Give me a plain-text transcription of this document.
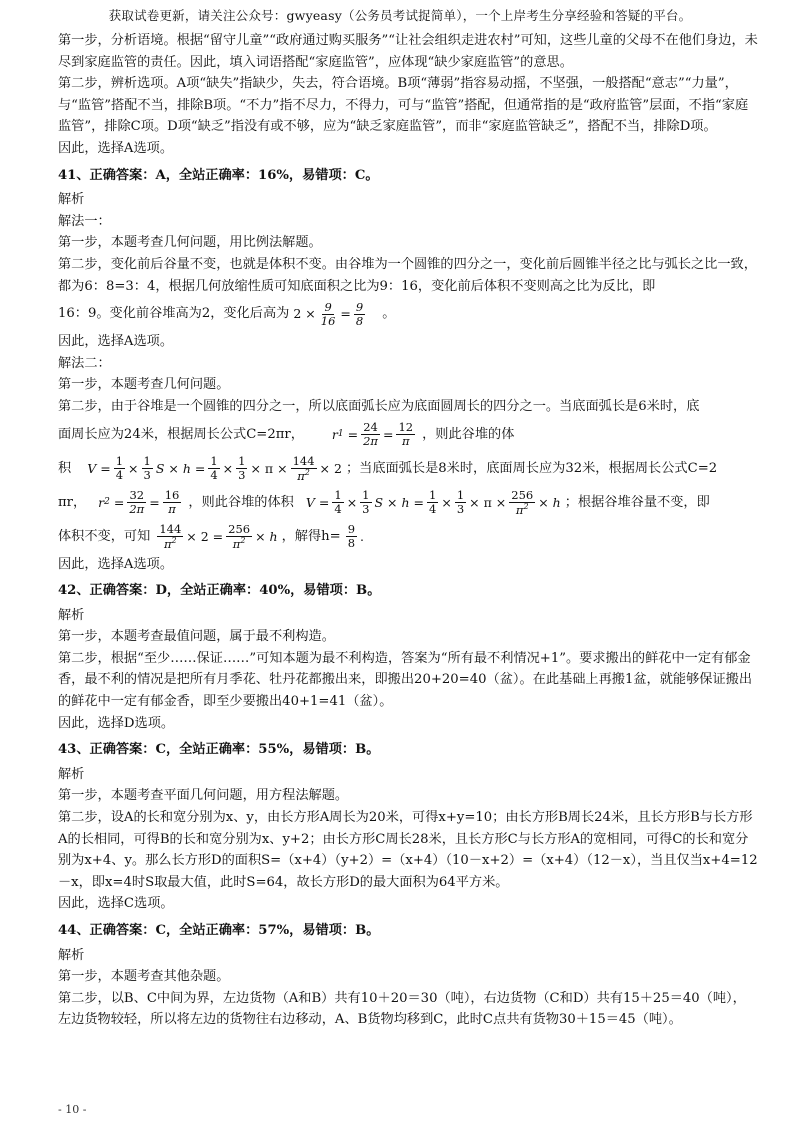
获取试卷更新，请关注公众号：gwyeasy（公务员考试捉简单），一个上岸考生分享经验和答疑的平台。

第一步，分析语境。根据“留守儿童”“政府通过购买服务”“让社会组织走进农村”可知，这些儿童的父母不在他们身边，未尽到家庭监管的责任。因此，填入词语搭配“家庭监管”，应体现“缺少家庭监管”的意思。

第二步，辨析选项。A项“缺失”指缺少，失去，符合语境。B项“薄弱”指容易动摇，不坚强，一般搭配“意志”“力量”，与“监管”搭配不当，排除B项。“不力”指不尽力，不得力，可与“监管”搭配，但通常指的是“政府监管”层面，不指“家庭监管”，排除C项。D项“缺乏”指没有或不够，应为“缺乏家庭监管”，而非“家庭监管缺乏”，搭配不当，排除D项。

因此，选择A选项。

41、正确答案：A，全站正确率：16%，易错项：C。

解析

解法一：

第一步，本题考查几何问题，用比例法解题。

第二步，变化前后谷量不变，也就是体积不变。由谷堆为一个圆锥的四分之一，变化前后圆锥半径之比与弧长之比一致，都为6：8=3：4，根据几何放缩性质可知底面积之比为9：16，变化前后体积不变则高之比为反比，即

16：9。变化前谷堆高为2，变化后高为 $2 \times \frac{9}{16} = \frac{9}{8}$ 。

因此，选择A选项。

解法二：

第一步，本题考查几何问题。

第二步，由于谷堆是一个圆锥的四分之一，所以底面弧长应为底面圆周长的四分之一。当底面弧长是6米时，底

面周长应为24米，根据周长公式C=2πr， r 1
= $\frac{24}{2\pi} = \frac{12}{\pi}$ ，则此谷堆的体

积 $V = \frac{1}{4} \times \frac{1}{3}$ $S \times h = \frac{1}{4} \times \frac{1}{3} \times \pi \times \frac{144}{\pi^2} \times 2$ ；当底面弧长是8米时，底面周长应为32米，根据周长公式C=2

πr， r 2
= $\frac{32}{2\pi} = \frac{16}{\pi}$ ，则此谷堆的体积 $V = \frac{1}{4} \times \frac{1}{3}$ $S \times h = \frac{1}{4} \times \frac{1}{3} \times \pi \times \frac{256}{\pi^2} \times h$ ；根据谷堆谷量不变，即

体积不变，可知 $\frac{144}{\pi^2} \times 2 = \frac{256}{\pi^2} \times h$ ，解得$h= \frac{9}{8}$ .

因此，选择A选项。

42、正确答案：D，全站正确率：40%，易错项：B。

解析

第一步，本题考查最值问题，属于最不利构造。

第二步，根据“至少……保证……”可知本题为最不利构造，答案为“所有最不利情况+1”。要求搬出的鲜花中一定有郁金香，最不利的情况是把所有月季花、牡丹花都搬出来，即搬出20+20=40（盆）。在此基础上再搬1盆，就能够保证搬出的鲜花中一定有郁金香，即至少要搬出40+1=41（盆）。

因此，选择D选项。

43、正确答案：C，全站正确率：55%，易错项：B。

解析

第一步，本题考查平面几何问题，用方程法解题。

第二步，设A的长和宽分别为x、y，由长方形A周长为20米，可得x+y=10；由长方形B周长24米，且长方形B与长方形A的长相同，可得B的长和宽分别为x、y+2；由长方形C周长28米，且长方形C与长方形A的宽相同，可得C的长和宽分别为x+4、y。那么长方形D的面积S=（x+4）（y+2）=（x+4）（10－x+2）=（x+4）（12－x），当且仅当x+4=12－x，即x=4时S取最大值，此时S=64，故长方形D的最大面积为64平方米。

因此，选择C选项。

44、正确答案：C，全站正确率：57%，易错项：B。

解析

第一步，本题考查其他杂题。

第二步，以B、C中间为界，左边货物（A和B）共有10＋20＝30（吨），右边货物（C和D）共有15＋25＝40（吨），左边货物较轻，所以将左边的货物往右边移动，A、B货物均移到C，此时C点共有货物30＋15＝45（吨）。

- 10 -
